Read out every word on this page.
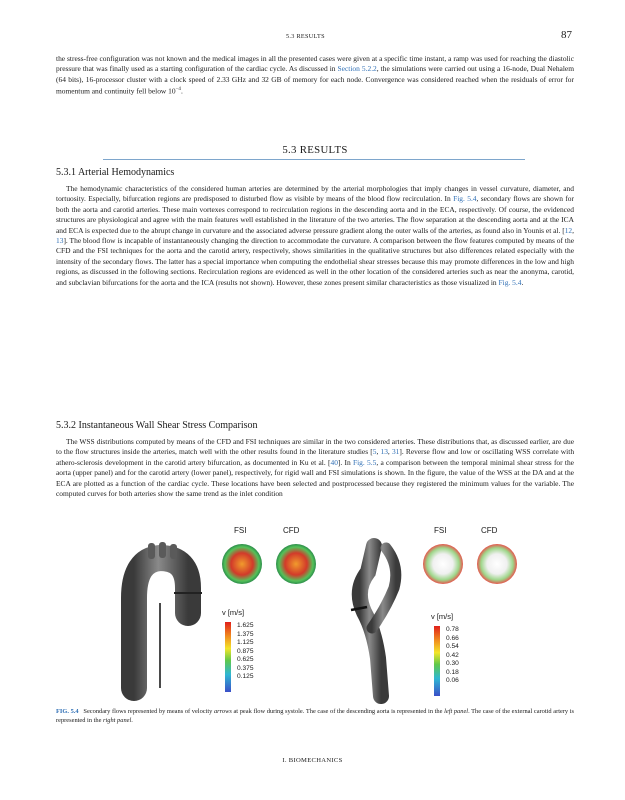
5.3 RESULTS	87

the stress-free configuration was not known and the medical images in all the presented cases were given at a specific time instant, a ramp was used for reaching the diastolic pressure that was finally used as a starting configuration of the cardiac cycle. As discussed in Section 5.2.2, the simulations were carried out using a 16-node, Dual Nehalem (64 bits), 16-processor cluster with a clock speed of 2.33 GHz and 32 GB of memory for each node. Convergence was considered reached when the residuals of error for momentum and continuity fell below $10^{-4}$.

5.3 RESULTS
5.3.1 Arterial Hemodynamics

The hemodynamic characteristics of the considered human arteries are determined by the arterial morphologies that imply changes in vessel curvature, diameter, and tortuosity. Especially, bifurcation regions are predisposed to disturbed flow as visible by means of the blood flow recirculation. In Fig. 5.4, secondary flows are shown for both the aorta and carotid arteries. These main vortexes correspond to recirculation regions in the descending aorta and in the ECA, respectively. Of course, the evidenced structures are physiological and agree with the main features well established in the literature of the two arteries. The flow separation at the descending aorta and at the ICA and ECA is expected due to the abrupt change in curvature and the associated adverse pressure gradient along the outer walls of the arteries, as found also in Younis et al. [12, 13]. The blood flow is incapable of instantaneously changing the direction to accommodate the curvature. A comparison between the flow features computed by means of the CFD and the FSI techniques for the aorta and the carotid artery, respectively, shows similarities in the qualitative structures but also differences related especially with the intensity of the secondary flows. The latter has a special importance when computing the endothelial shear stresses because this may promote differences in the low and high regions, as discussed in the following sections. Recirculation regions are evidenced as well in the other location of the considered arteries such as near the anonyma, carotid, and subclavian bifurcations for the aorta and the ICA (results not shown). However, these zones present similar characteristics as those visualized in Fig. 5.4.

5.3.2 Instantaneous Wall Shear Stress Comparison

The WSS distributions computed by means of the CFD and FSI techniques are similar in the two considered arteries. These distributions that, as discussed earlier, are due to the flow structures inside the arteries, match well with the other results found in the literature studies [5, 13, 31]. Reverse flow and low or oscillating WSS correlate with athero-sclerosis development in the carotid artery bifurcation, as documented in Ku et al. [40]. In Fig. 5.5, a comparison between the temporal minimal shear stress for the aorta (upper panel) and for the carotid artery (lower panel), respectively, for rigid wall and FSI simulations is shown. In the figure, the value of the WSS at the DA and at the ECA are plotted as a function of the cardiac cycle. These locations have been selected and postprocessed because they registered the minimum values for the variable. The computed curves for both arteries show the same trend as the inlet condition

FSI	CFD	FSI	CFD
v [m/s]
1.625
1.375
1.125
0.875
0.625
0.375
0.125
v [m/s]
0.78
0.66
0.54
0.42
0.30
0.18
0.06

FIG. 5.4 Secondary flows represented by means of velocity arrows at peak flow during systole. The case of the descending aorta is represented in the left panel. The case of the external carotid artery is represented in the right panel.

I. BIOMECHANICS
